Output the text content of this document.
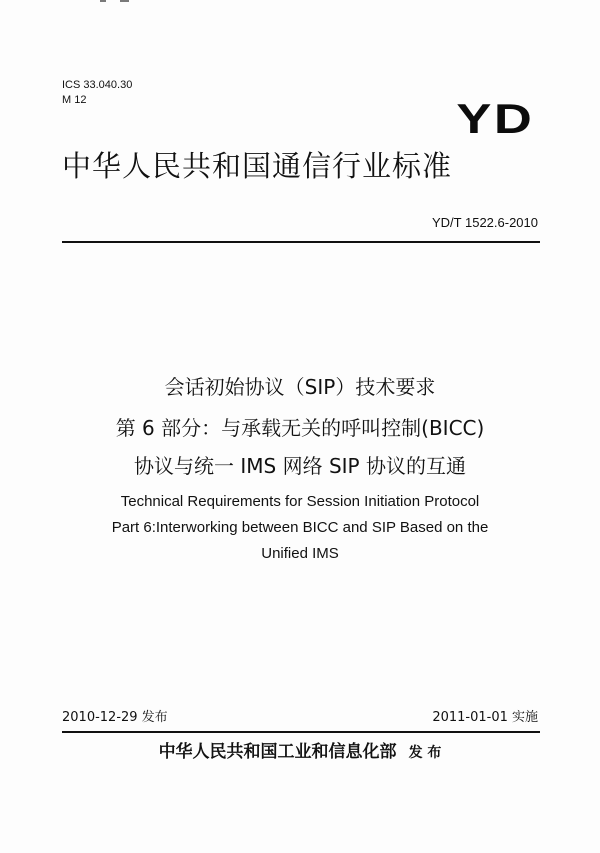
ICS 33.040.30
M 12	YD
中华人民共和国通信行业标准
YD/T 1522.6-2010
会话初始协议（SIP）技术要求
第 6 部分：与承载无关的呼叫控制(BICC)
协议与统一 IMS 网络 SIP 协议的互通
Technical Requirements for Session Initiation Protocol
Part 6:Interworking between BICC and SIP Based on the
Unified IMS
2010-12-29 发布	2011-01-01 实施
中华人民共和国工业和信息化部 发 布
